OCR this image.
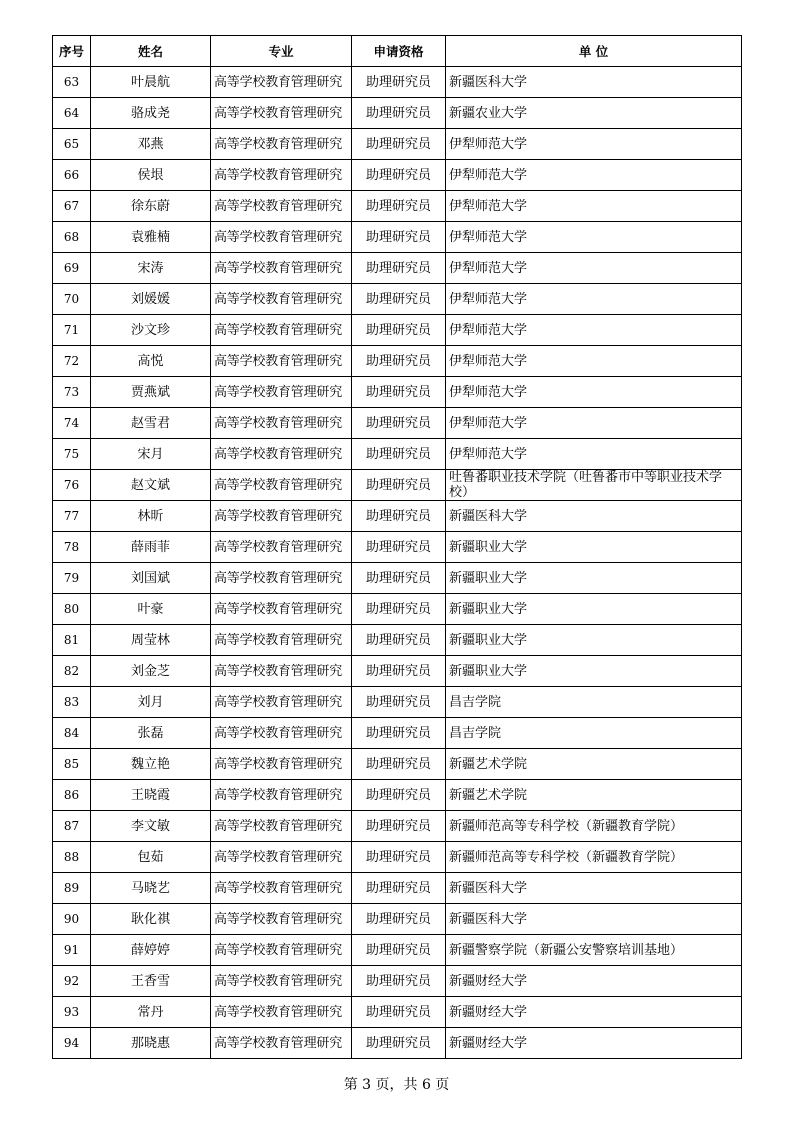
序号	姓名	专业	申请资格	单 位
63	叶晨航	高等学校教育管理研究	助理研究员	新疆医科大学
64	骆成尧	高等学校教育管理研究	助理研究员	新疆农业大学
65	邓燕	高等学校教育管理研究	助理研究员	伊犁师范大学
66	侯垠	高等学校教育管理研究	助理研究员	伊犁师范大学
67	徐东蔚	高等学校教育管理研究	助理研究员	伊犁师范大学
68	袁雅楠	高等学校教育管理研究	助理研究员	伊犁师范大学
69	宋涛	高等学校教育管理研究	助理研究员	伊犁师范大学
70	刘媛媛	高等学校教育管理研究	助理研究员	伊犁师范大学
71	沙文珍	高等学校教育管理研究	助理研究员	伊犁师范大学
72	高悦	高等学校教育管理研究	助理研究员	伊犁师范大学
73	贾燕斌	高等学校教育管理研究	助理研究员	伊犁师范大学
74	赵雪君	高等学校教育管理研究	助理研究员	伊犁师范大学
75	宋月	高等学校教育管理研究	助理研究员	伊犁师范大学
76	赵文斌	高等学校教育管理研究	助理研究员	吐鲁番职业技术学院（吐鲁番市中等职业技术学校）
77	林昕	高等学校教育管理研究	助理研究员	新疆医科大学
78	薛雨菲	高等学校教育管理研究	助理研究员	新疆职业大学
79	刘国斌	高等学校教育管理研究	助理研究员	新疆职业大学
80	叶豪	高等学校教育管理研究	助理研究员	新疆职业大学
81	周莹林	高等学校教育管理研究	助理研究员	新疆职业大学
82	刘金芝	高等学校教育管理研究	助理研究员	新疆职业大学
83	刘月	高等学校教育管理研究	助理研究员	昌吉学院
84	张磊	高等学校教育管理研究	助理研究员	昌吉学院
85	魏立艳	高等学校教育管理研究	助理研究员	新疆艺术学院
86	王晓霞	高等学校教育管理研究	助理研究员	新疆艺术学院
87	李文敏	高等学校教育管理研究	助理研究员	新疆师范高等专科学校（新疆教育学院）
88	包茹	高等学校教育管理研究	助理研究员	新疆师范高等专科学校（新疆教育学院）
89	马晓艺	高等学校教育管理研究	助理研究员	新疆医科大学
90	耿化祺	高等学校教育管理研究	助理研究员	新疆医科大学
91	薛婷婷	高等学校教育管理研究	助理研究员	新疆警察学院（新疆公安警察培训基地）
92	王香雪	高等学校教育管理研究	助理研究员	新疆财经大学
93	常丹	高等学校教育管理研究	助理研究员	新疆财经大学
94	那晓惠	高等学校教育管理研究	助理研究员	新疆财经大学
第 3 页，共 6 页
